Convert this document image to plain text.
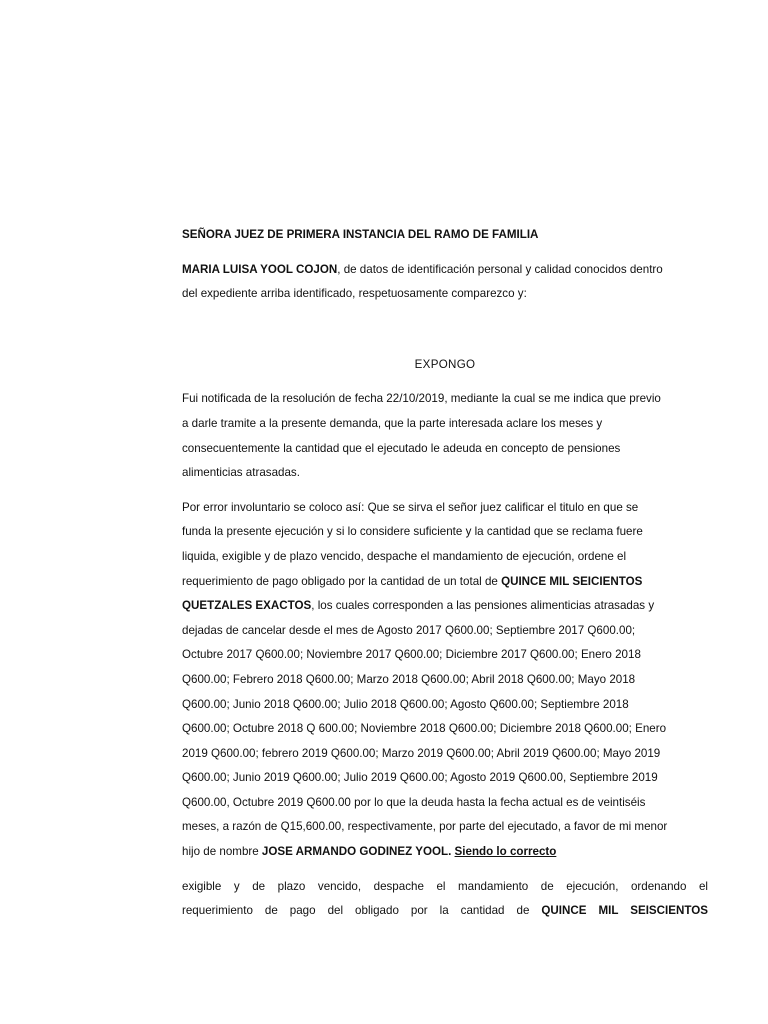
SEÑORA JUEZ DE PRIMERA INSTANCIA DEL RAMO DE FAMILIA

MARIA LUISA YOOL COJON, de datos de identificación personal y calidad conocidos dentro
del expediente arriba identificado, respetuosamente comparezco y:

EXPONGO

Fui notificada de la resolución de fecha 22/10/2019, mediante la cual se me indica que previo
a darle tramite a la presente demanda, que la parte interesada aclare los meses y
consecuentemente la cantidad que el ejecutado le adeuda en concepto de pensiones
alimenticias atrasadas.

Por error involuntario se coloco así: Que se sirva el señor juez calificar el titulo en que se
funda la presente ejecución y si lo considere suficiente y la cantidad que se reclama fuere
liquida, exigible y de plazo vencido, despache el mandamiento de ejecución, ordene el
requerimiento de pago obligado por la cantidad de un total de QUINCE MIL SEICIENTOS
QUETZALES EXACTOS, los cuales corresponden a las pensiones alimenticias atrasadas y
dejadas de cancelar desde el mes de Agosto 2017 Q600.00; Septiembre 2017 Q600.00;
Octubre 2017 Q600.00; Noviembre 2017 Q600.00; Diciembre 2017 Q600.00; Enero 2018
Q600.00; Febrero 2018 Q600.00; Marzo 2018 Q600.00; Abril 2018 Q600.00; Mayo 2018
Q600.00; Junio 2018 Q600.00; Julio 2018 Q600.00; Agosto Q600.00; Septiembre 2018
Q600.00; Octubre 2018 Q 600.00; Noviembre 2018 Q600.00; Diciembre 2018 Q600.00; Enero
2019 Q600.00; febrero 2019 Q600.00; Marzo 2019 Q600.00; Abril 2019 Q600.00; Mayo 2019
Q600.00; Junio 2019 Q600.00; Julio 2019 Q600.00; Agosto 2019 Q600.00, Septiembre 2019
Q600.00, Octubre 2019 Q600.00 por lo que la deuda hasta la fecha actual es de veintiséis
meses, a razón de Q15,600.00, respectivamente, por parte del ejecutado, a favor de mi menor
hijo de nombre JOSE ARMANDO GODINEZ YOOL. Siendo lo correcto

exigible y de plazo vencido, despache el mandamiento de ejecución, ordenando el
requerimiento de pago del obligado por la cantidad de QUINCE MIL SEISCIENTOS
